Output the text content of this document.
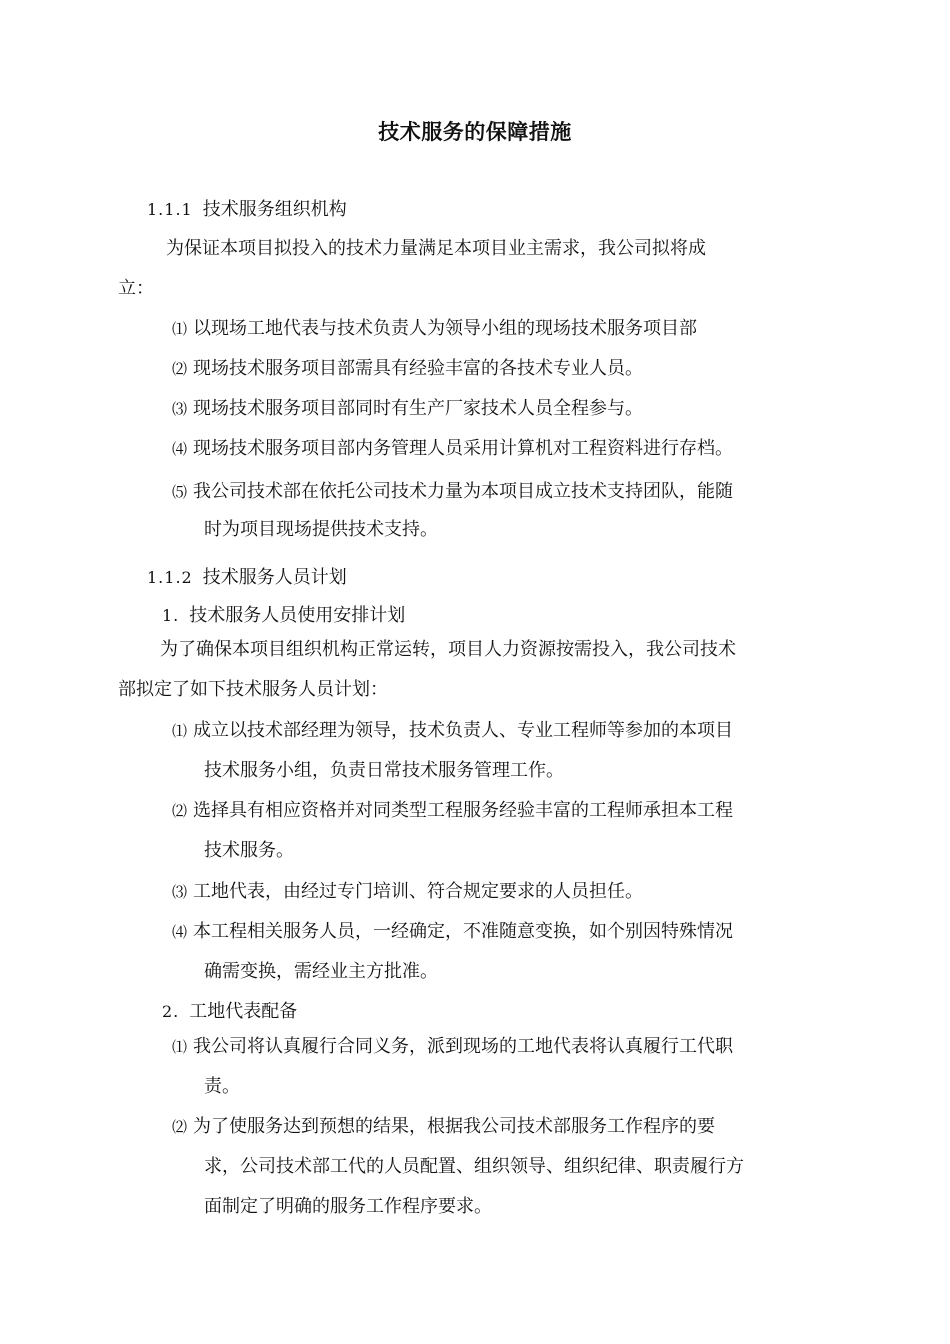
技术服务的保障措施
1.1.1 技术服务组织机构
为保证本项目拟投入的技术力量满足本项目业主需求，我公司拟将成
立：
⑴ 以现场工地代表与技术负责人为领导小组的现场技术服务项目部
⑵ 现场技术服务项目部需具有经验丰富的各技术专业人员。
⑶ 现场技术服务项目部同时有生产厂家技术人员全程参与。
⑷ 现场技术服务项目部内务管理人员采用计算机对工程资料进行存档。
⑸ 我公司技术部在依托公司技术力量为本项目成立技术支持团队，能随
时为项目现场提供技术支持。
1.1.2 技术服务人员计划
1. 技术服务人员使用安排计划
为了确保本项目组织机构正常运转，项目人力资源按需投入，我公司技术
部拟定了如下技术服务人员计划：
⑴ 成立以技术部经理为领导，技术负责人、专业工程师等参加的本项目
技术服务小组，负责日常技术服务管理工作。
⑵ 选择具有相应资格并对同类型工程服务经验丰富的工程师承担本工程
技术服务。
⑶ 工地代表，由经过专门培训、符合规定要求的人员担任。
⑷ 本工程相关服务人员，一经确定，不准随意变换，如个别因特殊情况
确需变换，需经业主方批准。
2. 工地代表配备
⑴ 我公司将认真履行合同义务，派到现场的工地代表将认真履行工代职
责。
⑵ 为了使服务达到预想的结果，根据我公司技术部服务工作程序的要
求，公司技术部工代的人员配置、组织领导、组织纪律、职责履行方
面制定了明确的服务工作程序要求。
